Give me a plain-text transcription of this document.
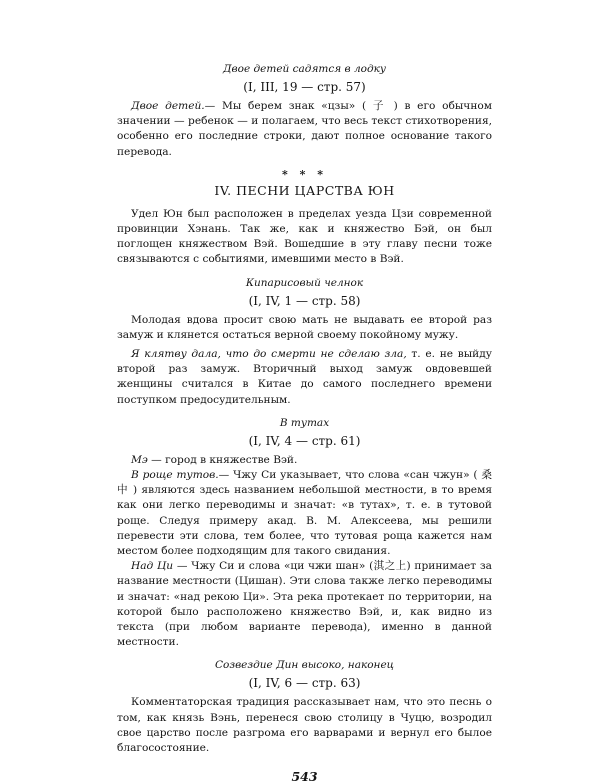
Двое детей садятся в лодку
(I, III, 19 — стр. 57)

Двое детей.— Мы берем знак «цзы» ( 子 ) в его обычном значении — ребенок — и полагаем, что весь текст стихотворения, особенно его последние строки, дают полное основание такого перевода.

* * *
IV. ПЕСНИ ЦАРСТВА ЮН

Удел Юн был расположен в пределах уезда Цзи современной провинции Хэнань. Так же, как и княжество Бэй, он был поглощен княжеством Вэй. Вошедшие в эту главу песни тоже связываются с событиями, имевшими место в Вэй.

Кипарисовый челнок
(I, IV, 1 — стр. 58)

Молодая вдова просит свою мать не выдавать ее второй раз замуж и клянется остаться верной своему покойному мужу.

Я клятву дала, что до смерти не сделаю зла, т. е. не выйду второй раз замуж. Вторичный выход замуж овдовевшей женщины считался в Китае до самого последнего времени поступком предосудительным.

В тутах
(I, IV, 4 — стр. 61)

Мэ — город в княжестве Вэй.

В роще тутов.— Чжу Си указывает, что слова «сан чжун» ( 桑中 ) являются здесь названием небольшой местности, в то время как они легко переводимы и значат: «в тутах», т. е. в тутовой роще. Следуя примеру акад. В. М. Алексеева, мы решили перевести эти слова, тем более, что тутовая роща кажется нам местом более подходящим для такого свидания.

Над Ци — Чжу Си и слова «ци чжи шан» (淇之上) принимает за название местности (Цишан). Эти слова также легко переводимы и значат: «над рекою Ци». Эта река протекает по территории, на которой было расположено княжество Вэй, и, как видно из текста (при любом варианте перевода), именно в данной местности.

Созвездие Дин высоко, наконец
(I, IV, 6 — стр. 63)

Комментаторская традиция рассказывает нам, что это песнь о том, как князь Вэнь, перенеся свою столицу в Чуцю, возродил свое царство после разгрома его варварами и вернул его былое благосостояние.

543
